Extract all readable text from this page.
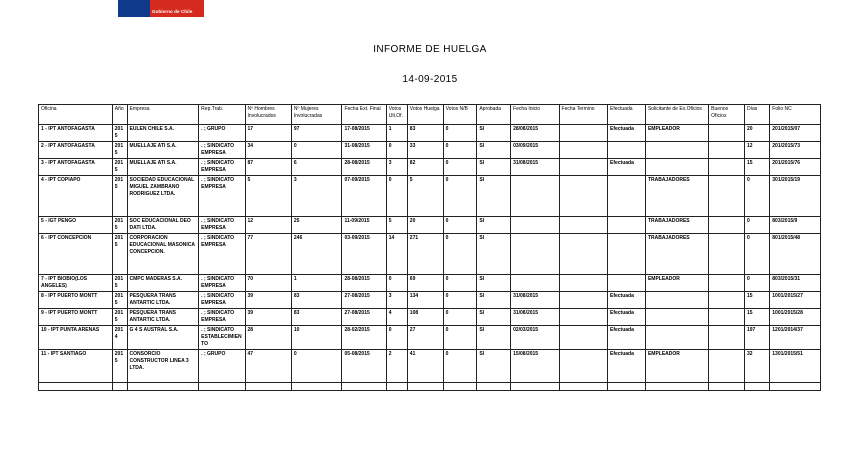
Gobierno de Chile
INFORME DE HUELGA
14-09-2015
Oficina	Año	Empresa	Rep.Trab.	Nº Hombres Involucrados	Nº Mujeres Involucradas	Fecha Ext. Final	Votos Ult.Of.	Votos Huelga	Votos N/B	Aprobada	Fecha Inicio	Fecha Termino	Efectuada	Solicitante de Ex.Oficios	Buenos Oficios	Días	Folio NC
1 - IPT ANTOFAGASTA	2015	EULEN CHILE S.A.	. ; GRUPO	17	97	17-08/2015	1	83	0	SI	28/08/2015		Efectuada	EMPLEADOR		20	201/2015/07
2 - IPT ANTOFAGASTA	2015	MUELLAJE ATI S.A.	. ; SINDICATO EMPRESA	34	0	31-08/2015	0	33	0	SI	03/09/2015					12	201/2015/73
3 - IPT ANTOFAGASTA	2015	MUELLAJE ATI S.A.	. ; SINDICATO EMPRESA	87	6	28-08/2015	3	82	0	SI	31/08/2015		Efectuada			15	201/2015/76
4 - IPT COPIAPO	2015	SOCIEDAD EDUCACIONAL MIGUEL ZAMBRANO RODRIGUEZ LTDA.	. ; SINDICATO EMPRESA	5	3	07-09/2015	0	5	0	SI				TRABAJADORES		0	301/2015/19
5 - IGT PENGO	2015	SOC EDUCACIONAL DEO DATI LTDA.	. ; SINDICATO EMPRESA	12	25	11-09/2015	5	20	0	SI				TRABAJADORES		0	803/2015/9
6 - IPT CONCEPCION	2015	CORPORACION EDUCACIONAL MASONICA CONCEPCION.	. ; SINDICATO EMPRESA	77	246	03-09/2015	14	271	0	SI				TRABAJADORES		0	801/2015/48
7 - IPT BIOBIO(LOS ANGELES)	2015	CMPC MADERAS S.A.	. ; SINDICATO EMPRESA	70	1	28-08/2015	0	69	0	SI				EMPLEADOR		0	803/2015/31
8 - IPT PUERTO MONTT	2015	PESQUERA TRANS ANTARTIC LTDA.	. ; SINDICATO EMPRESA	39	83	27-08/2015	3	134	0	SI	31/08/2015		Efectuada			15	1001/2015/27
9 - IPT PUERTO MONTT	2015	PESQUERA TRANS ANTARTIC LTDA.	. ; SINDICATO EMPRESA	39	83	27-08/2015	4	108	0	SI	31/08/2015		Efectuada			15	1001/2015/28
10 - IPT PUNTA ARENAS	2014	G 4 S AUSTRAL S.A.	. ; SINDICATO ESTABLECIMIENTO	28	10	28-02/2015	0	27	0	SI	02/03/2015		Efectuada			197	1201/2014/37
11 - IPT SANTIAGO	2015	CONSORCIO CONSTRUCTOR LINEA 3 LTDA.	. ; GRUPO	47	0	05-08/2015	2	41	0	SI	15/08/2015		Efectuada	EMPLEADOR		32	1301/2015/51
